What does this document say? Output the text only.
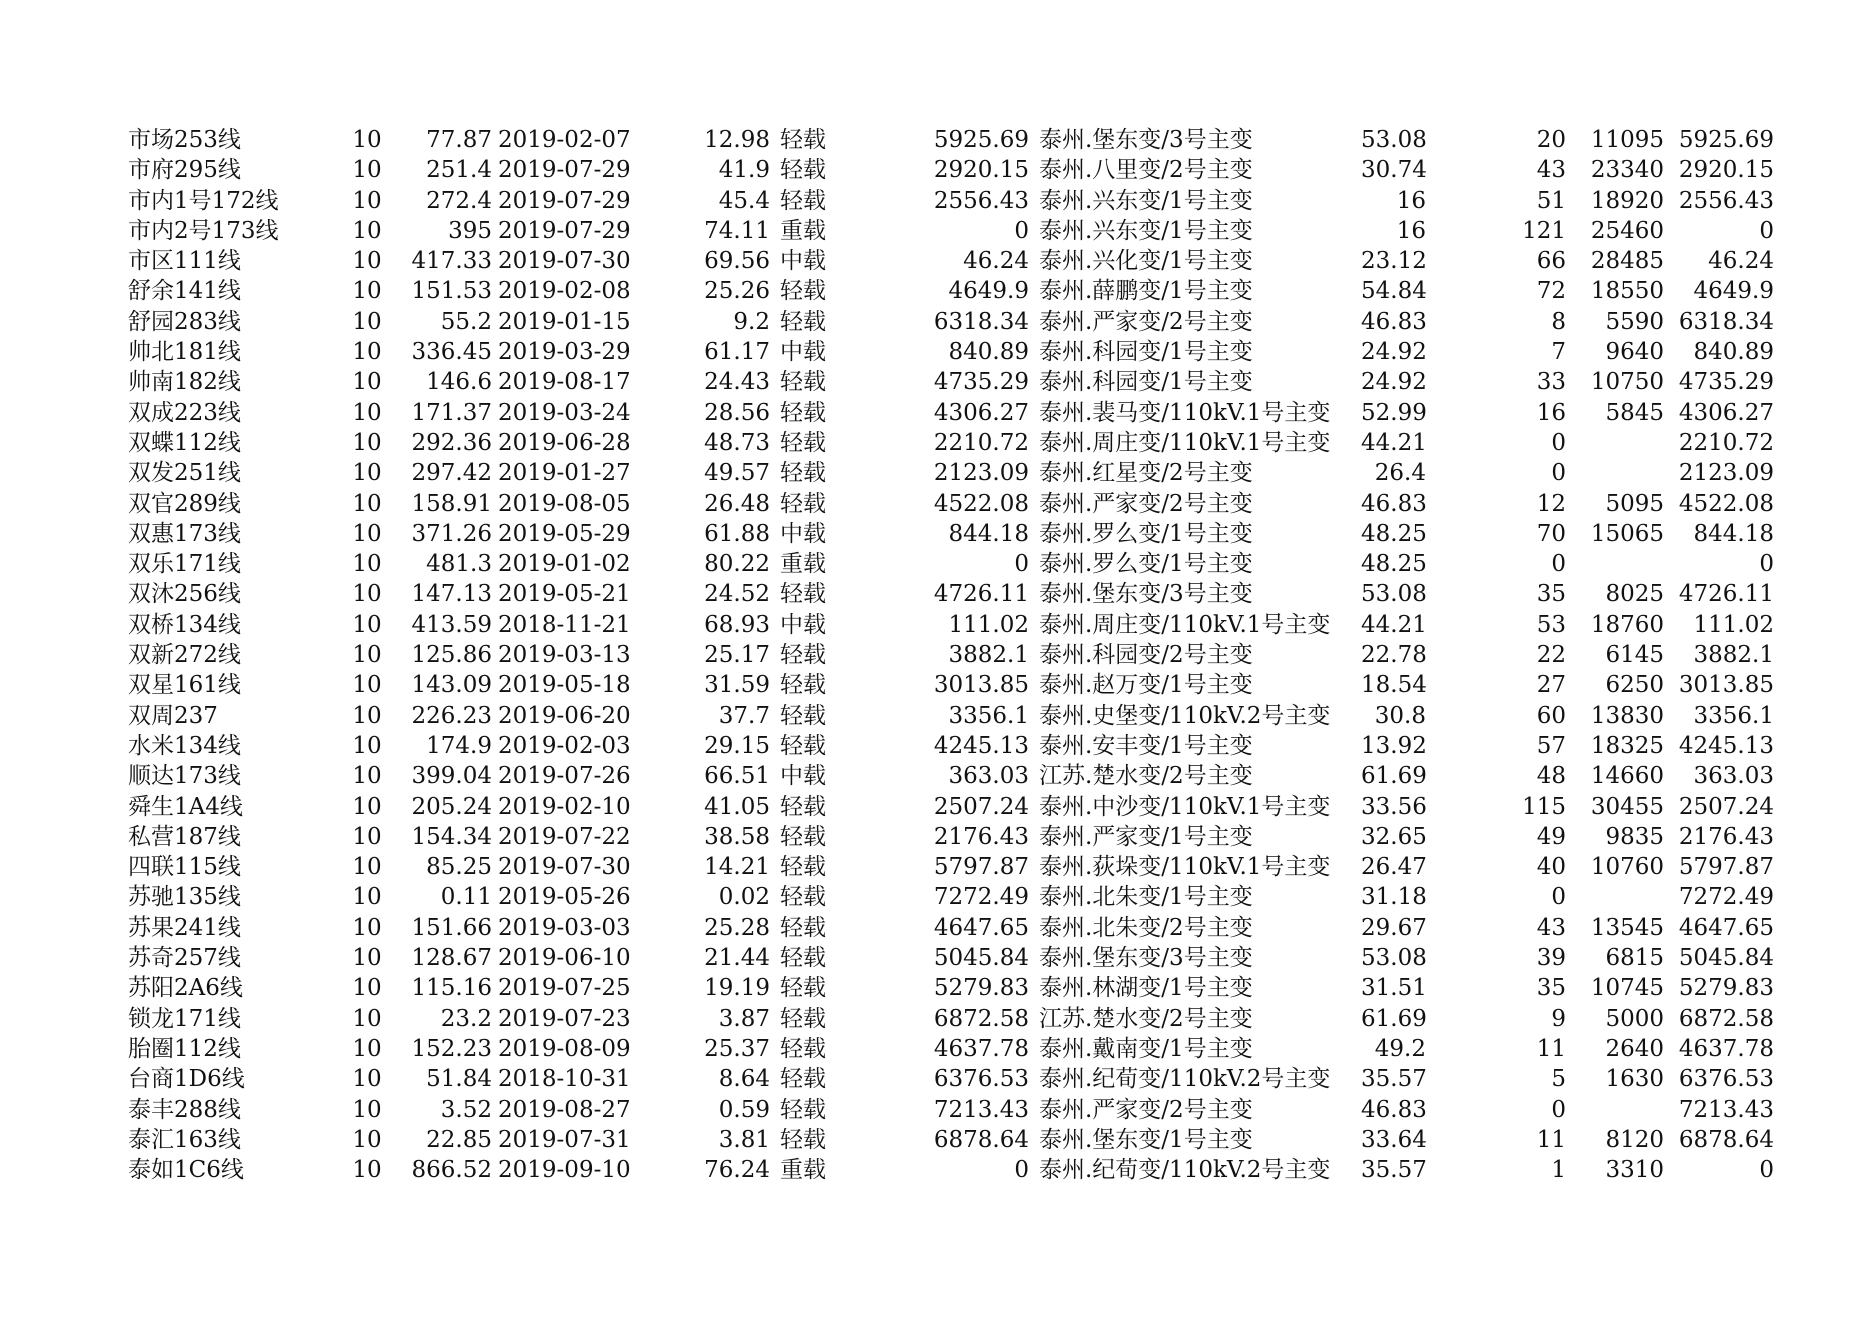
市场253线	10	77.87	2019-02-07	12.98	轻载	5925.69	泰州.堡东变/3号主变	53.08	20	11095	5925.69
市府295线	10	251.4	2019-07-29	41.9	轻载	2920.15	泰州.八里变/2号主变	30.74	43	23340	2920.15
市内1号172线	10	272.4	2019-07-29	45.4	轻载	2556.43	泰州.兴东变/1号主变	16	51	18920	2556.43
市内2号173线	10	395	2019-07-29	74.11	重载	0	泰州.兴东变/1号主变	16	121	25460	0
市区111线	10	417.33	2019-07-30	69.56	中载	46.24	泰州.兴化变/1号主变	23.12	66	28485	46.24
舒余141线	10	151.53	2019-02-08	25.26	轻载	4649.9	泰州.薛鹏变/1号主变	54.84	72	18550	4649.9
舒园283线	10	55.2	2019-01-15	9.2	轻载	6318.34	泰州.严家变/2号主变	46.83	8	5590	6318.34
帅北181线	10	336.45	2019-03-29	61.17	中载	840.89	泰州.科园变/1号主变	24.92	7	9640	840.89
帅南182线	10	146.6	2019-08-17	24.43	轻载	4735.29	泰州.科园变/1号主变	24.92	33	10750	4735.29
双成223线	10	171.37	2019-03-24	28.56	轻载	4306.27	泰州.裴马变/110kV.1号主变	52.99	16	5845	4306.27
双蝶112线	10	292.36	2019-06-28	48.73	轻载	2210.72	泰州.周庄变/110kV.1号主变	44.21	0		2210.72
双发251线	10	297.42	2019-01-27	49.57	轻载	2123.09	泰州.红星变/2号主变	26.4	0		2123.09
双官289线	10	158.91	2019-08-05	26.48	轻载	4522.08	泰州.严家变/2号主变	46.83	12	5095	4522.08
双惠173线	10	371.26	2019-05-29	61.88	中载	844.18	泰州.罗么变/1号主变	48.25	70	15065	844.18
双乐171线	10	481.3	2019-01-02	80.22	重载	0	泰州.罗么变/1号主变	48.25	0		0
双沐256线	10	147.13	2019-05-21	24.52	轻载	4726.11	泰州.堡东变/3号主变	53.08	35	8025	4726.11
双桥134线	10	413.59	2018-11-21	68.93	中载	111.02	泰州.周庄变/110kV.1号主变	44.21	53	18760	111.02
双新272线	10	125.86	2019-03-13	25.17	轻载	3882.1	泰州.科园变/2号主变	22.78	22	6145	3882.1
双星161线	10	143.09	2019-05-18	31.59	轻载	3013.85	泰州.赵万变/1号主变	18.54	27	6250	3013.85
双周237	10	226.23	2019-06-20	37.7	轻载	3356.1	泰州.史堡变/110kV.2号主变	30.8	60	13830	3356.1
水米134线	10	174.9	2019-02-03	29.15	轻载	4245.13	泰州.安丰变/1号主变	13.92	57	18325	4245.13
顺达173线	10	399.04	2019-07-26	66.51	中载	363.03	江苏.楚水变/2号主变	61.69	48	14660	363.03
舜生1A4线	10	205.24	2019-02-10	41.05	轻载	2507.24	泰州.中沙变/110kV.1号主变	33.56	115	30455	2507.24
私营187线	10	154.34	2019-07-22	38.58	轻载	2176.43	泰州.严家变/1号主变	32.65	49	9835	2176.43
四联115线	10	85.25	2019-07-30	14.21	轻载	5797.87	泰州.荻垛变/110kV.1号主变	26.47	40	10760	5797.87
苏驰135线	10	0.11	2019-05-26	0.02	轻载	7272.49	泰州.北朱变/1号主变	31.18	0		7272.49
苏果241线	10	151.66	2019-03-03	25.28	轻载	4647.65	泰州.北朱变/2号主变	29.67	43	13545	4647.65
苏奇257线	10	128.67	2019-06-10	21.44	轻载	5045.84	泰州.堡东变/3号主变	53.08	39	6815	5045.84
苏阳2A6线	10	115.16	2019-07-25	19.19	轻载	5279.83	泰州.林湖变/1号主变	31.51	35	10745	5279.83
锁龙171线	10	23.2	2019-07-23	3.87	轻载	6872.58	江苏.楚水变/2号主变	61.69	9	5000	6872.58
胎圈112线	10	152.23	2019-08-09	25.37	轻载	4637.78	泰州.戴南变/1号主变	49.2	11	2640	4637.78
台商1D6线	10	51.84	2018-10-31	8.64	轻载	6376.53	泰州.纪荀变/110kV.2号主变	35.57	5	1630	6376.53
泰丰288线	10	3.52	2019-08-27	0.59	轻载	7213.43	泰州.严家变/2号主变	46.83	0		7213.43
泰汇163线	10	22.85	2019-07-31	3.81	轻载	6878.64	泰州.堡东变/1号主变	33.64	11	8120	6878.64
泰如1C6线	10	866.52	2019-09-10	76.24	重载	0	泰州.纪荀变/110kV.2号主变	35.57	1	3310	0
